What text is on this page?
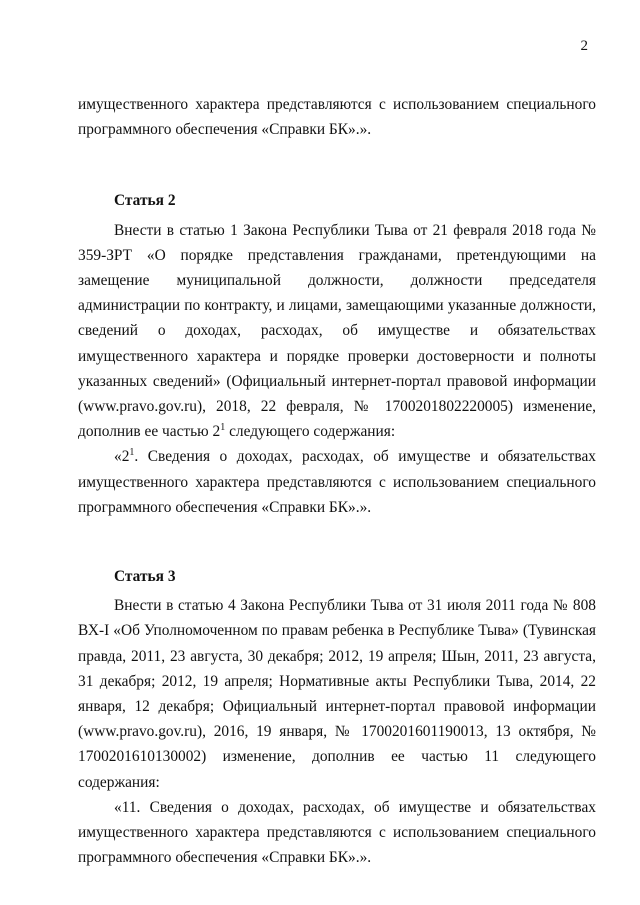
2

имущественного характера представляются с использованием специального программного обеспечения «Справки БК».».

Статья 2

Внести в статью 1 Закона Республики Тыва от 21 февраля 2018 года № 359-ЗРТ «О порядке представления гражданами, претендующими на замещение муниципальной должности, должности председателя администрации по контракту, и лицами, замещающими указанные должности, сведений о доходах, расходах, об имуществе и обязательствах имущественного характера и порядке проверки достоверности и полноты указанных сведений» (Официальный интернет-портал правовой информации (www.pravo.gov.ru), 2018, 22 февраля, № 1700201802220005) изменение, дополнив ее частью $2^1$ следующего содержания:

«$2^1$. Сведения о доходах, расходах, об имуществе и обязательствах имущественного характера представляются с использованием специального программного обеспечения «Справки БК».».

Статья 3

Внести в статью 4 Закона Республики Тыва от 31 июля 2011 года № 808 ВХ-I «Об Уполномоченном по правам ребенка в Республике Тыва» (Тувинская правда, 2011, 23 августа, 30 декабря; 2012, 19 апреля; Шын, 2011, 23 августа, 31 декабря; 2012, 19 апреля; Нормативные акты Республики Тыва, 2014, 22 января, 12 декабря; Официальный интернет-портал правовой информации (www.pravo.gov.ru), 2016, 19 января, № 1700201601190013, 13 октября, № 1700201610130002) изменение, дополнив ее частью 11 следующего содержания:

«11. Сведения о доходах, расходах, об имуществе и обязательствах имущественного характера представляются с использованием специального программного обеспечения «Справки БК».».
